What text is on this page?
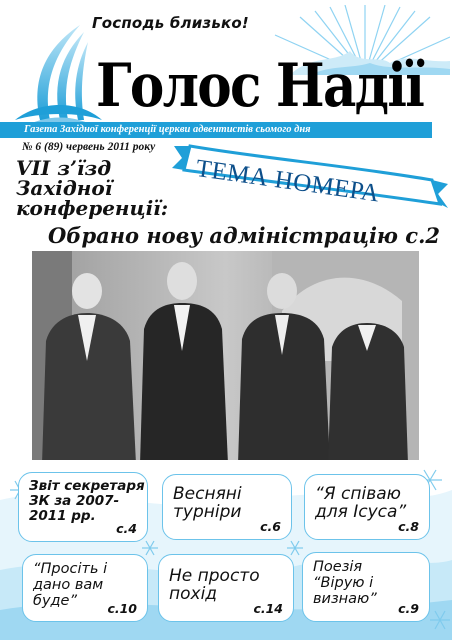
Господь близько!
Голос Надії
Газета Західної конференції церкви адвентистів сьомого дня
№ 6 (89) червень 2011 року
ТЕМА НОМЕРА
VII з’їзд
Західної
конференції:
Обрано нову адміністрацію с.2
Звіт секретаря ЗК за 2007-2011 рр.
с.4
Весняні турніри
с.6
“Я співаю для Ісуса”
с.8
“Просіть і дано вам буде”	с.10
Не просто похід
с.14
Поезія “Вірую і визнаю”
с.9
